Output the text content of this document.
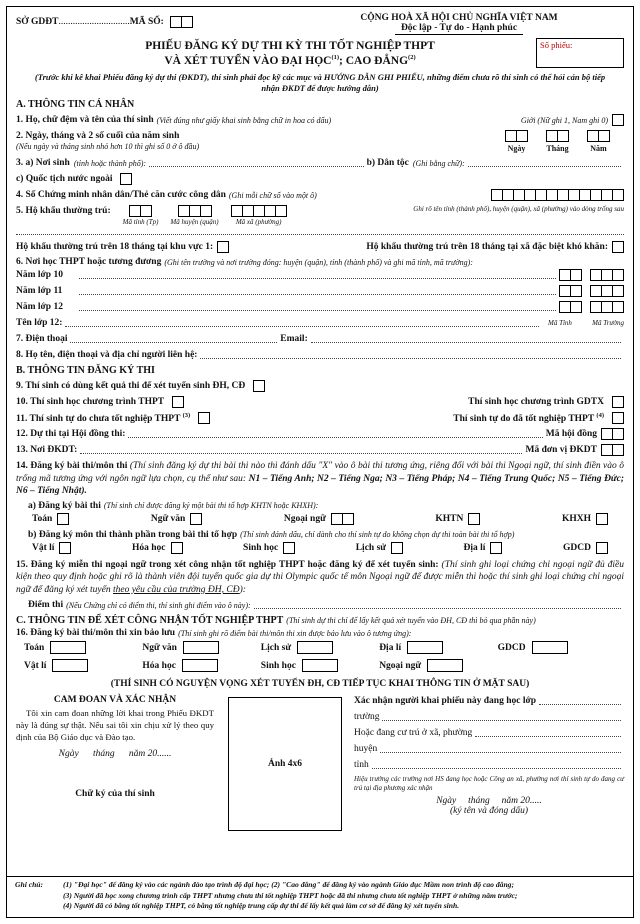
SỞ GDĐT..............................MÃ SỐ:	CỘNG HOÀ XÃ HỘI CHỦ NGHĨA VIỆT NAM
Độc lập - Tự do - Hạnh phúc
PHIẾU ĐĂNG KÝ DỰ THI KỲ THI TỐT NGHIỆP THPT
VÀ XÉT TUYỂN VÀO ĐẠI HỌC$^{(1)}$; CAO ĐẲNG$^{(2)}$
Số phiếu:
(Trước khi kê khai Phiếu đăng ký dự thi (ĐKDT), thí sinh phải đọc kỹ các mục và HƯỚNG DẪN GHI PHIẾU, những điểm chưa rõ thí sinh có thể hỏi cán bộ tiếp nhận ĐKDT để được hướng dẫn)
A. THÔNG TIN CÁ NHÂN
1. Họ, chữ đệm và tên của thí sinh (Viết đúng như giấy khai sinh bằng chữ in hoa có dấu)	Giới (Nữ ghi 1, Nam ghi 0)
2. Ngày, tháng và 2 số cuối của năm sinh
(Nếu ngày và tháng sinh nhỏ hơn 10 thì ghi số 0 ở ô đầu)	Ngày	Tháng	Năm
3. a) Nơi sinh (tỉnh hoặc thành phố):	b) Dân tộc (Ghi bằng chữ):
c) Quốc tịch nước ngoài
4. Số Chứng minh nhân dân/Thẻ căn cước công dân (Ghi mỗi chữ số vào một ô)
5. Hộ khẩu thường trú:
Mã tỉnh (Tp) Mã huyện (quận) Mã xã (phường)
Ghi rõ tên tỉnh (thành phố), huyện (quận), xã (phường) vào dòng trống sau
Hộ khẩu thường trú trên 18 tháng tại khu vực 1:	Hộ khẩu thường trú trên 18 tháng tại xã đặc biệt khó khăn:
6. Nơi học THPT hoặc tương đương (Ghi tên trường và nơi trường đóng: huyện (quận), tỉnh (thành phố) và ghi mã tỉnh, mã trường):
Năm lớp 10
Năm lớp 11
Năm lớp 12
Tên lớp 12:	Mã Tỉnh	Mã Trường
7. Điện thoại	Email:
8. Họ tên, điện thoại và địa chỉ người liên hệ:
B. THÔNG TIN ĐĂNG KÝ THI
9. Thí sinh có dùng kết quả thi để xét tuyển sinh ĐH, CĐ
10. Thí sinh học chương trình THPT	Thí sinh học chương trình GDTX
11. Thí sinh tự do chưa tốt nghiệp THPT $^{(3)}$	Thí sinh tự do đã tốt nghiệp THPT $^{(4)}$
12. Dự thi tại Hội đồng thi:	Mã hội đồng
13. Nơi ĐKDT:	Mã đơn vị ĐKDT
14. Đăng ký bài thi/môn thi (Thí sinh đăng ký dự thi bài thi nào thì đánh dấu "X" vào ô bài thi tương ứng, riêng đối với bài thi Ngoại ngữ, thí sinh điền vào ô trống mã tương ứng với ngôn ngữ lựa chọn, cụ thể như sau: N1 – Tiếng Anh; N2 – Tiếng Nga; N3 – Tiếng Pháp; N4 – Tiếng Trung Quốc; N5 – Tiếng Đức; N6 – Tiếng Nhật).
a) Đăng ký bài thi (Thí sinh chỉ được đăng ký một bài thi tổ hợp KHTN hoặc KHXH):
Toán	Ngữ văn	Ngoại ngữ	KHTN	KHXH
b) Đăng ký môn thi thành phần trong bài thi tổ hợp (Thí sinh đánh dấu, chỉ dành cho thí sinh tự do không chọn dự thi toàn bài thi tổ hợp)
Vật lí	Hóa học	Sinh học	Lịch sử	Địa lí	GDCD
15. Đăng ký miễn thi ngoại ngữ trong xét công nhận tốt nghiệp THPT hoặc đăng ký để xét tuyển sinh: (Thí sinh ghi loại chứng chỉ ngoại ngữ đủ điều kiện theo quy định hoặc ghi rõ là thành viên đội tuyển quốc gia dự thi Olympic quốc tế môn Ngoại ngữ để được miễn thi hoặc thí sinh ghi loại chứng chỉ ngoại ngữ để đăng ký xét tuyển theo yêu cầu của trường ĐH, CĐ):
Điểm thi (Nếu Chứng chỉ có điểm thi, thí sinh ghi điểm vào ô này):
C. THÔNG TIN ĐỂ XÉT CÔNG NHẬN TỐT NGHIỆP THPT (Thí sinh dự thi chỉ để lấy kết quả xét tuyển vào ĐH, CĐ thì bỏ qua phần này)
16. Đăng ký bài thi/môn thi xin bảo lưu (Thí sinh ghi rõ điểm bài thi/môn thi xin được bảo lưu vào ô tương ứng):
Toán	Ngữ văn	Lịch sử	Địa lí	GDCD
Vật lí	Hóa học	Sinh học	Ngoại ngữ
(THÍ SINH CÓ NGUYỆN VỌNG XÉT TUYỂN ĐH, CĐ TIẾP TỤC KHAI THÔNG TIN Ở MẶT SAU)
CAM ĐOAN VÀ XÁC NHẬN
Tôi xin cam đoan những lời khai trong Phiếu ĐKDT này là đúng sự thật. Nếu sai tôi xin chịu xử lý theo quy định của Bộ Giáo dục và Đào tạo.
Ngày      tháng      năm 20......
Chữ ký của thí sinh
Ảnh 4x6
Xác nhận người khai phiếu này đang học lớp
trường
Hoặc đang cư trú ở xã, phường
huyện
tỉnh
Hiệu trưởng các trường nơi HS đang học hoặc Công an xã, phường nơi thí sinh tự do đang cư trú tại địa phương xác nhận
Ngày     tháng     năm 20.....
(ký tên và đóng dấu)
Ghi chú:	(1) "Đại học" để đăng ký vào các ngành đào tạo trình độ đại học; (2) "Cao đẳng" để đăng ký vào ngành Giáo dục Mầm non trình độ cao đẳng;
(3) Người đã học xong chương trình cấp THPT nhưng chưa thi tốt nghiệp THPT hoặc đã thi nhưng chưa tốt nghiệp THPT ở những năm trước;
(4) Người đã có bằng tốt nghiệp THPT, có bằng tốt nghiệp trung cấp dự thi để lấy kết quả làm cơ sở để đăng ký xét tuyển sinh.
